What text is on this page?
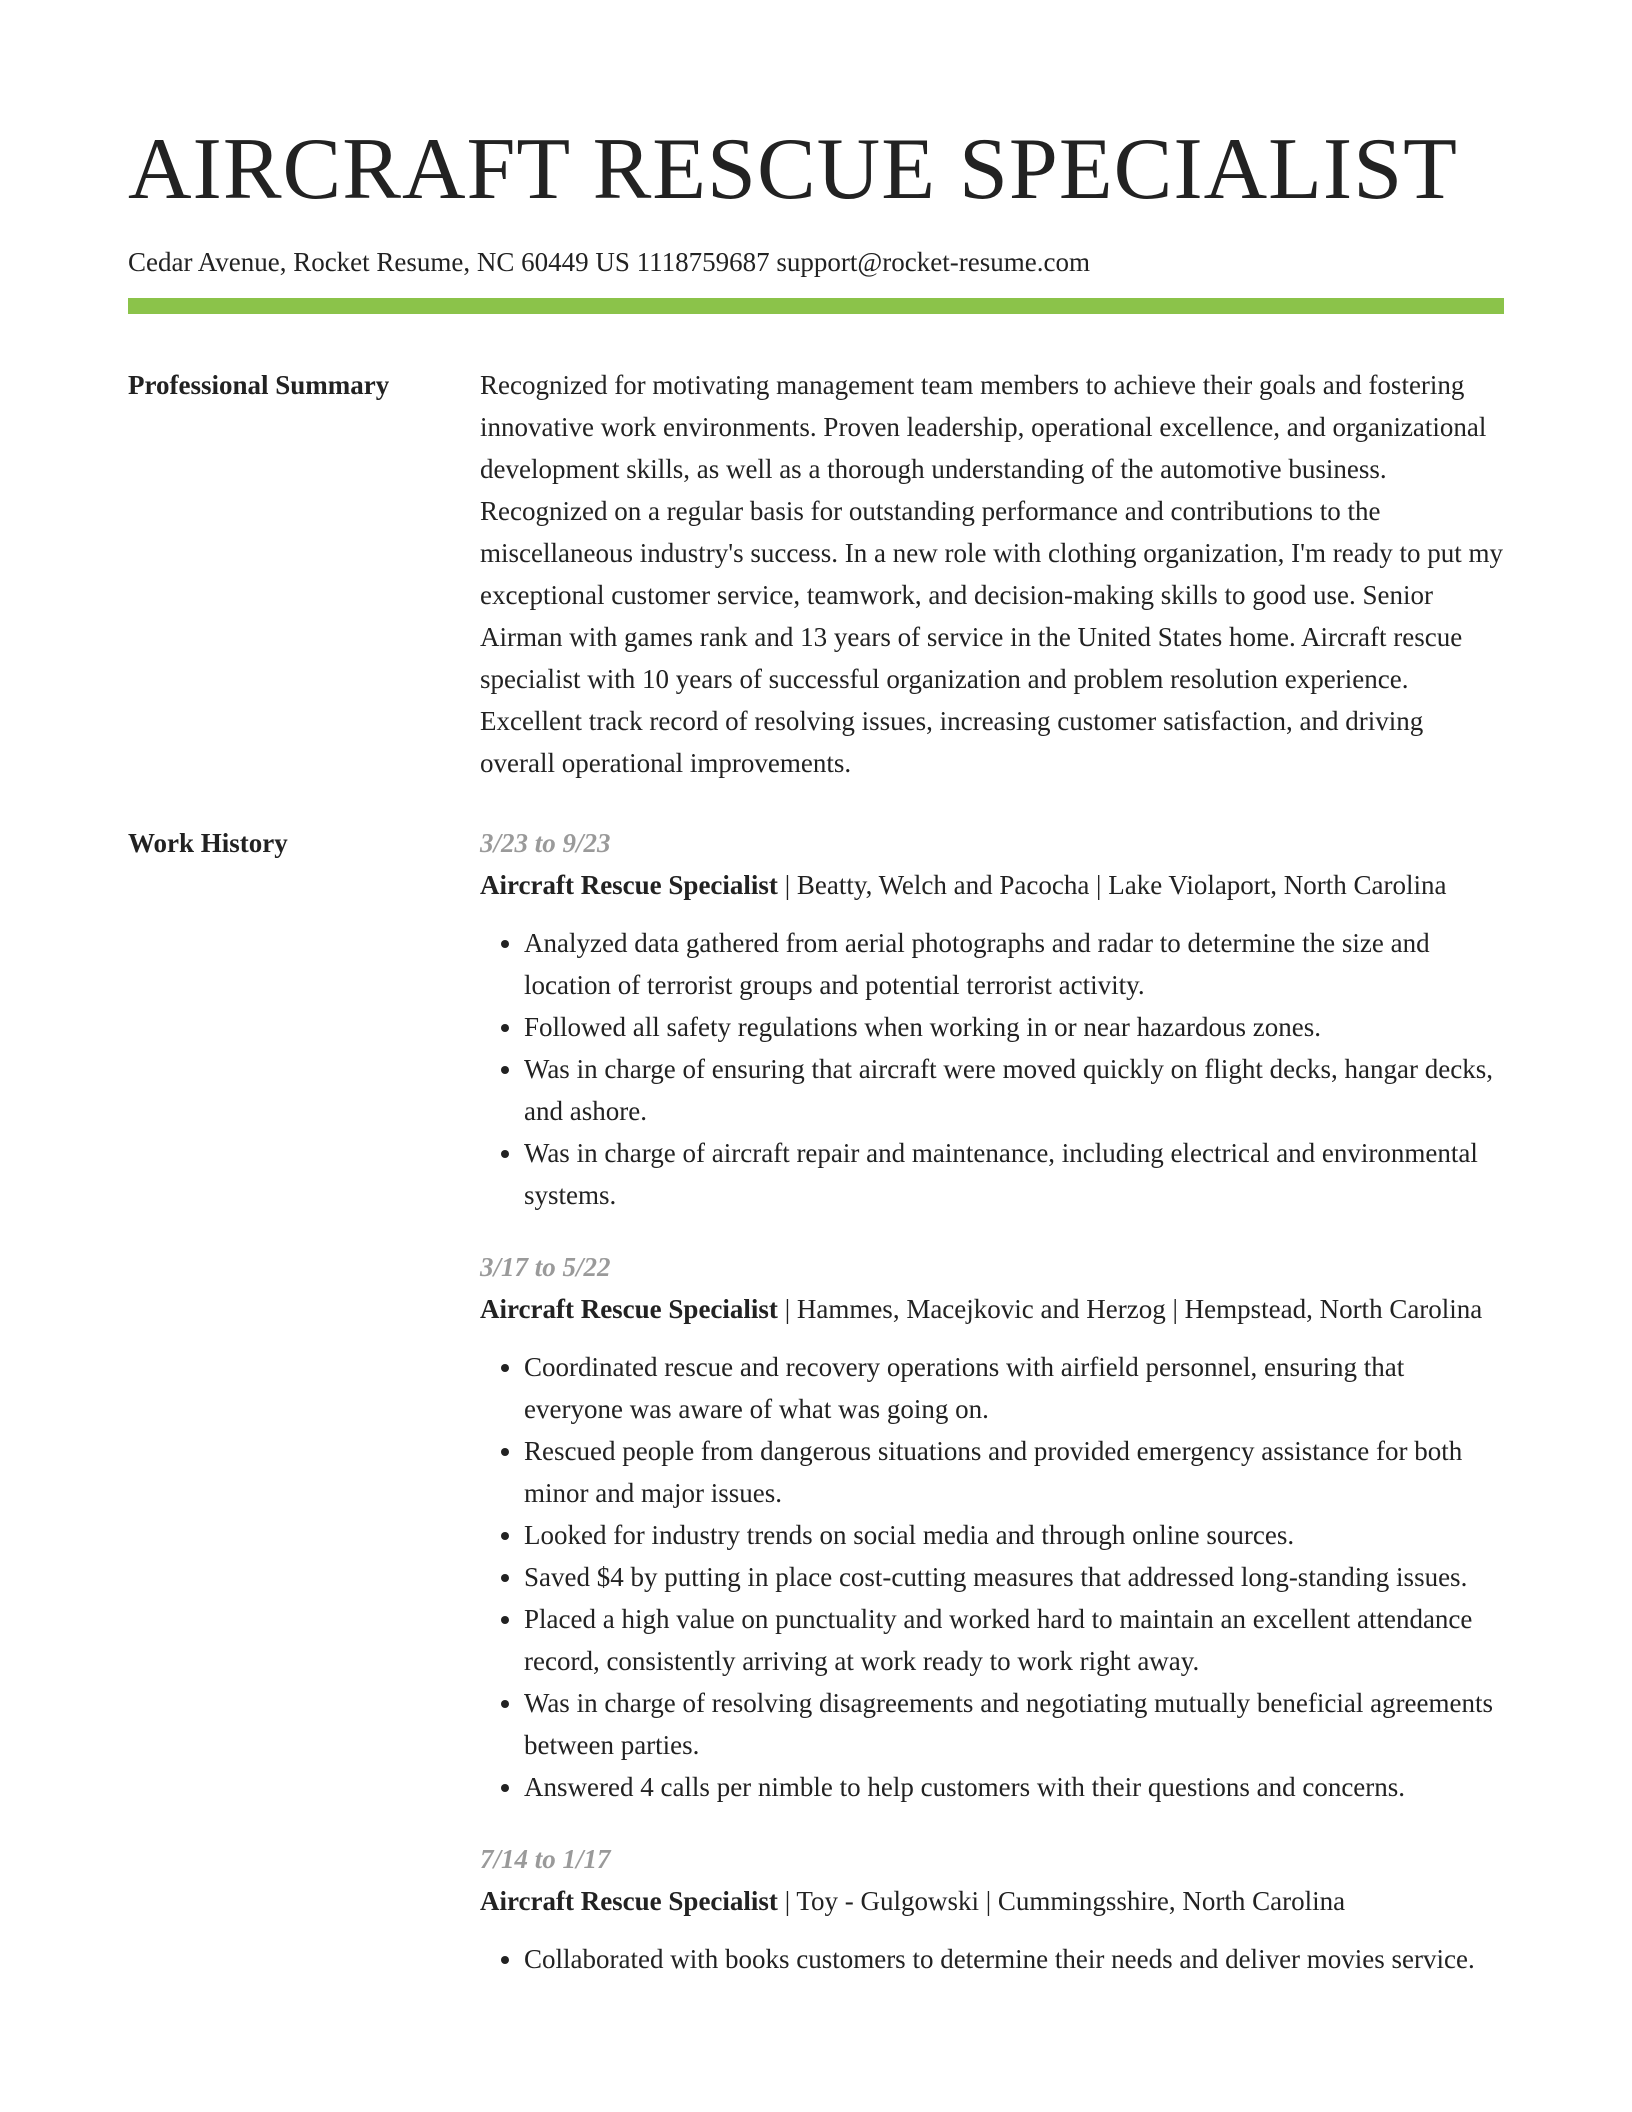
AIRCRAFT RESCUE SPECIALIST
Cedar Avenue, Rocket Resume, NC 60449 US 1118759687 support@rocket-resume.com
Professional Summary	Recognized for motivating management team members to achieve their goals and fostering innovative work environments. Proven leadership, operational excellence, and organizational development skills, as well as a thorough understanding of the automotive business. Recognized on a regular basis for outstanding performance and contributions to the miscellaneous industry's success. In a new role with clothing organization, I'm ready to put my exceptional customer service, teamwork, and decision-making skills to good use. Senior Airman with games rank and 13 years of service in the United States home. Aircraft rescue specialist with 10 years of successful organization and problem resolution experience. Excellent track record of resolving issues, increasing customer satisfaction, and driving overall operational improvements.

Work History	3/23 to 9/23
Aircraft Rescue Specialist | Beatty, Welch and Pacocha | Lake Violaport, North Carolina
• Analyzed data gathered from aerial photographs and radar to determine the size and location of terrorist groups and potential terrorist activity.
• Followed all safety regulations when working in or near hazardous zones.
• Was in charge of ensuring that aircraft were moved quickly on flight decks, hangar decks, and ashore.
• Was in charge of aircraft repair and maintenance, including electrical and environmental systems.
3/17 to 5/22
Aircraft Rescue Specialist | Hammes, Macejkovic and Herzog | Hempstead, North Carolina
• Coordinated rescue and recovery operations with airfield personnel, ensuring that everyone was aware of what was going on.
• Rescued people from dangerous situations and provided emergency assistance for both minor and major issues.
• Looked for industry trends on social media and through online sources.
• Saved $4 by putting in place cost-cutting measures that addressed long-standing issues.
• Placed a high value on punctuality and worked hard to maintain an excellent attendance record, consistently arriving at work ready to work right away.
• Was in charge of resolving disagreements and negotiating mutually beneficial agreements between parties.
• Answered 4 calls per nimble to help customers with their questions and concerns.
7/14 to 1/17
Aircraft Rescue Specialist | Toy - Gulgowski | Cummingsshire, North Carolina
• Collaborated with books customers to determine their needs and deliver movies service.
